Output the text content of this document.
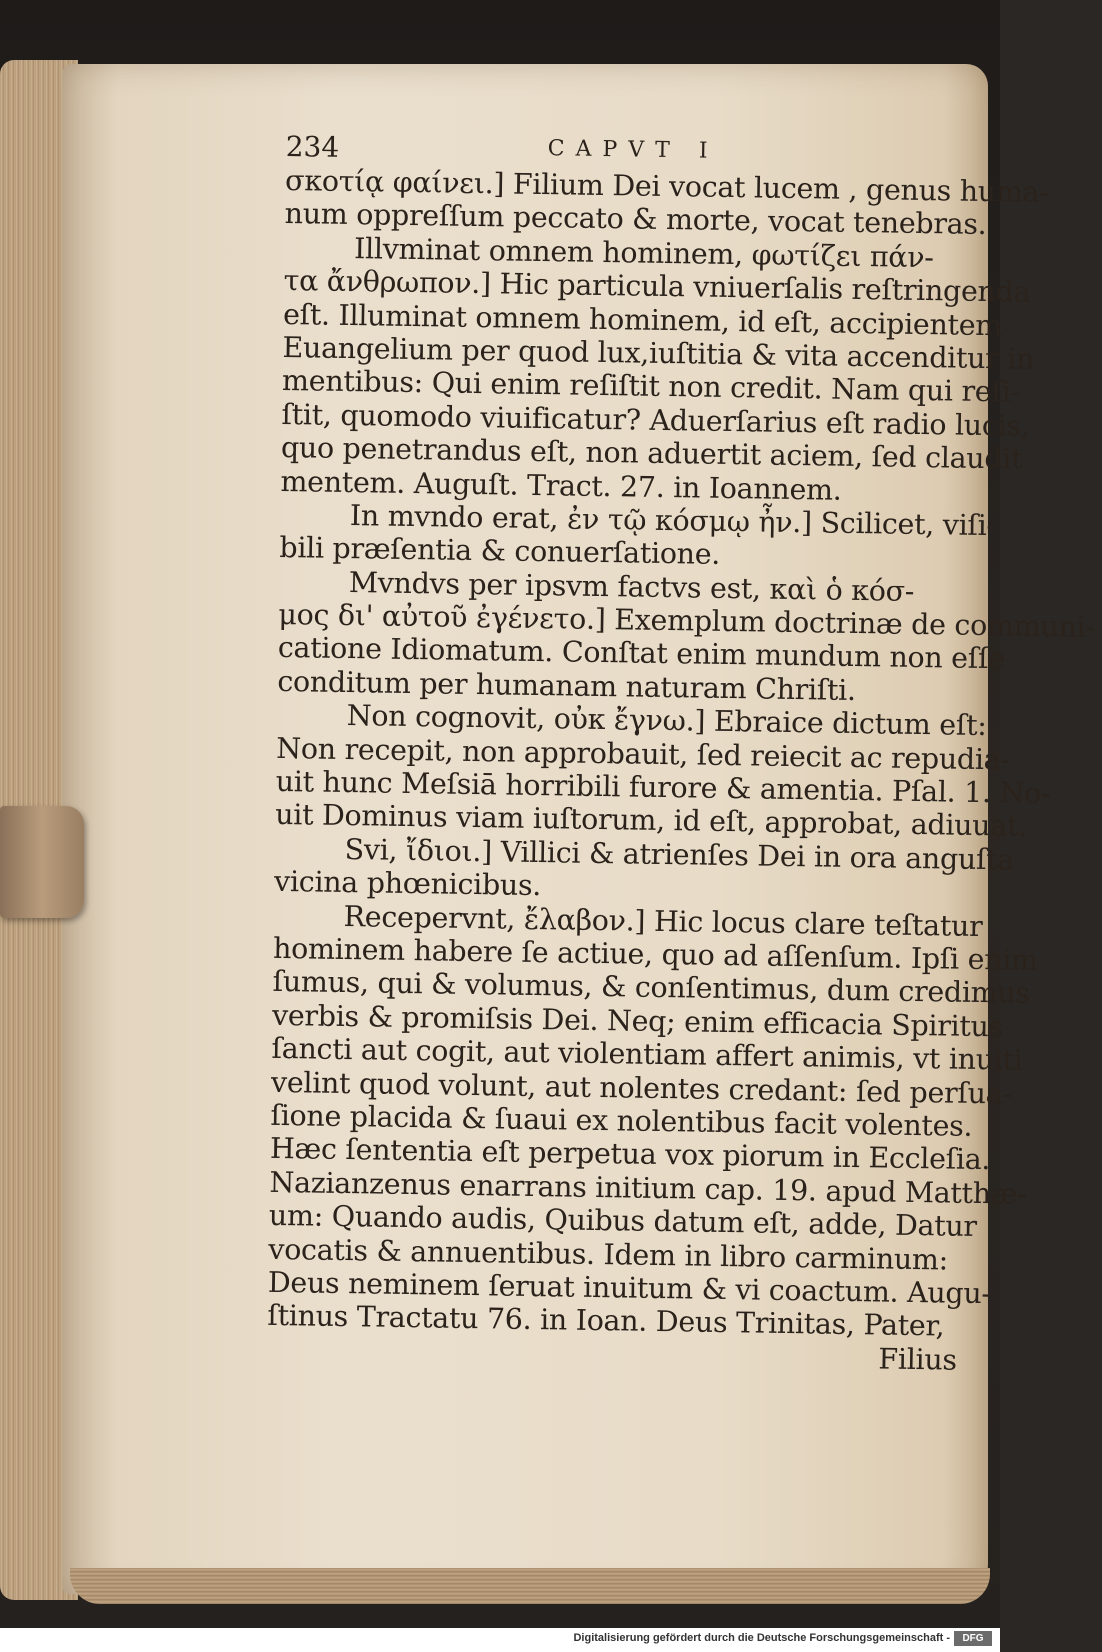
234	CAPVT I
σκοτίᾳ φαίνει.] Filium Dei vocat lucem , genus huma-
num oppreſſum peccato & morte, vocat tenebras.
Illvminat omnem hominem, φωτίζει πάν-
τα ἄνθρωπον.] Hic particula vniuerſalis reſtringenda
eſt. Illuminat omnem hominem, id eſt, accipientem
Euangelium per quod lux,iuſtitia & vita accenditur in
mentibus: Qui enim reſiſtit non credit. Nam qui reſi-
ſtit, quomodo viuificatur? Aduerſarius eſt radio lucis,
quo penetrandus eſt, non aduertit aciem, ſed claudit
mentem. Auguſt. Tract. 27. in Ioannem.
In mvndo erat, ἐν τῷ κόσμῳ ἦν.] Scilicet, viſi-
bili præſentia & conuerſatione.
Mvndvs per ipsvm factvs est, καὶ ὁ κόσ-
μος δι' αὐτοῦ ἐγένετο.] Exemplum doctrinæ de communi-
catione Idiomatum. Conſtat enim mundum non eſſe
conditum per humanam naturam Chriſti.
Non cognovit, οὐκ ἔγνω.] Ebraice dictum eſt:
Non recepit, non approbauit, ſed reiecit ac repudia-
uit hunc Meſsiā horribili furore & amentia. Pſal. 1. No-
uit Dominus viam iuſtorum, id eſt, approbat, adiuuat.
Svi, ἴδιοι.] Villici & atrienſes Dei in ora anguſta
vicina phœnicibus.
Recepervnt, ἔλαβον.] Hic locus clare teſtatur
hominem habere ſe actiue, quo ad aſſenſum. Ipſi enim
ſumus, qui & volumus, & conſentimus, dum credimus
verbis & promiſsis Dei. Neq; enim efficacia Spiritus
ſancti aut cogit, aut violentiam affert animis, vt inuiti
velint quod volunt, aut nolentes credant: ſed perſua-
ſione placida & ſuaui ex nolentibus facit volentes.
Hæc ſententia eſt perpetua vox piorum in Eccleſia.
Nazianzenus enarrans initium cap. 19. apud Matthæ-
um: Quando audis, Quibus datum eſt, adde, Datur
vocatis & annuentibus. Idem in libro carminum:
Deus neminem ſeruat inuitum & vi coactum. Augu-
ſtinus Tractatu 76. in Ioan. Deus Trinitas, Pater,
Filius
Digitalisierung gefördert durch die Deutsche Forschungsgemeinschaft -	DFG
